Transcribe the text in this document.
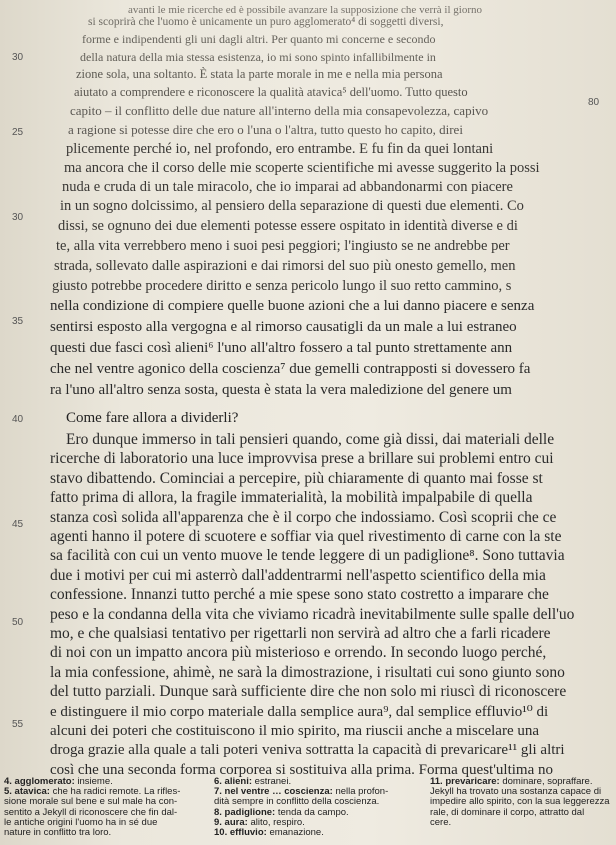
80
30
25
30
35
40
45
50
55
avanti le mie ricerche ed è possibile avanzare la supposizione che verrà il giorno
si scoprirà che l'uomo è unicamente un puro agglomerato⁴ di soggetti diversi,
forme e indipendenti gli uni dagli altri. Per quanto mi concerne e secondo
della natura della mia stessa esistenza, io mi sono spinto infallibilmente in
zione sola, una soltanto. È stata la parte morale in me e nella mia persona
aiutato a comprendere e riconoscere la qualità atavica⁵ dell'uomo. Tutto questo
capito – il conflitto delle due nature all'interno della mia consapevolezza, capivo
a ragione si potesse dire che ero o l'una o l'altra, tutto questo ho capito, direi
plicemente perché io, nel profondo, ero entrambe. E fu fin da quei lontani
ma ancora che il corso delle mie scoperte scientifiche mi avesse suggerito la possi
nuda e cruda di un tale miracolo, che io imparai ad abbandonarmi con piacere
in un sogno dolcissimo, al pensiero della separazione di questi due elementi. Co
dissi, se ognuno dei due elementi potesse essere ospitato in identità diverse e di
te, alla vita verrebbero meno i suoi pesi peggiori; l'ingiusto se ne andrebbe per
strada, sollevato dalle aspirazioni e dai rimorsi del suo più onesto gemello, men
giusto potrebbe procedere diritto e senza pericolo lungo il suo retto cammino, s
nella condizione di compiere quelle buone azioni che a lui danno piacere e senza
sentirsi esposto alla vergogna e al rimorso causatigli da un male a lui estraneo
questi due fasci così alieni⁶ l'uno all'altro fossero a tal punto strettamente ann
che nel ventre agonico della coscienza⁷ due gemelli contrapposti si dovessero fa
ra l'uno all'altro senza sosta, questa è stata la vera maledizione del genere um
Come fare allora a dividerli?
Ero dunque immerso in tali pensieri quando, come già dissi, dai materiali delle
ricerche di laboratorio una luce improvvisa prese a brillare sui problemi entro cui
stavo dibattendo. Cominciai a percepire, più chiaramente di quanto mai fosse st
fatto prima di allora, la fragile immaterialità, la mobilità impalpabile di quella
stanza così solida all'apparenza che è il corpo che indossiamo. Così scoprii che ce
agenti hanno il potere di scuotere e soffiar via quel rivestimento di carne con la ste
sa facilità con cui un vento muove le tende leggere di un padiglione⁸. Sono tuttavia
due i motivi per cui mi asterrò dall'addentrarmi nell'aspetto scientifico della mia
confessione. Innanzi tutto perché a mie spese sono stato costretto a imparare che
peso e la condanna della vita che viviamo ricadrà inevitabilmente sulle spalle dell'uo
mo, e che qualsiasi tentativo per rigettarli non servirà ad altro che a farli ricadere
di noi con un impatto ancora più misterioso e orrendo. In secondo luogo perché,
la mia confessione, ahimè, ne sarà la dimostrazione, i risultati cui sono giunto sono
del tutto parziali. Dunque sarà sufficiente dire che non solo mi riuscì di riconoscere
e distinguere il mio corpo materiale dalla semplice aura⁹, dal semplice effluvio¹⁰ di
alcuni dei poteri che costituiscono il mio spirito, ma riuscii anche a miscelare una
droga grazie alla quale a tali poteri veniva sottratta la capacità di prevaricare¹¹ gli altri
così che una seconda forma corporea si sostituiva alla prima. Forma quest'ultima no
4. agglomerato: insieme.
5. atavica: che ha radici remote. La rifles-
sione morale sul bene e sul male ha con-
sentito a Jekyll di riconoscere che fin dal-
le antiche origini l'uomo ha in sé due
nature in conflitto tra loro.
6. alieni: estranei.
7. nel ventre … coscienza: nella profon-
dità sempre in conflitto della coscienza.
8. padiglione: tenda da campo.
9. aura: alito, respiro.
10. effluvio: emanazione.
11. prevaricare: dominare, sopraffare.
Jekyll ha trovato una sostanza capace di
impedire allo spirito, con la sua leggerezza
rale, di dominare il corpo, attratto dal
cere.
